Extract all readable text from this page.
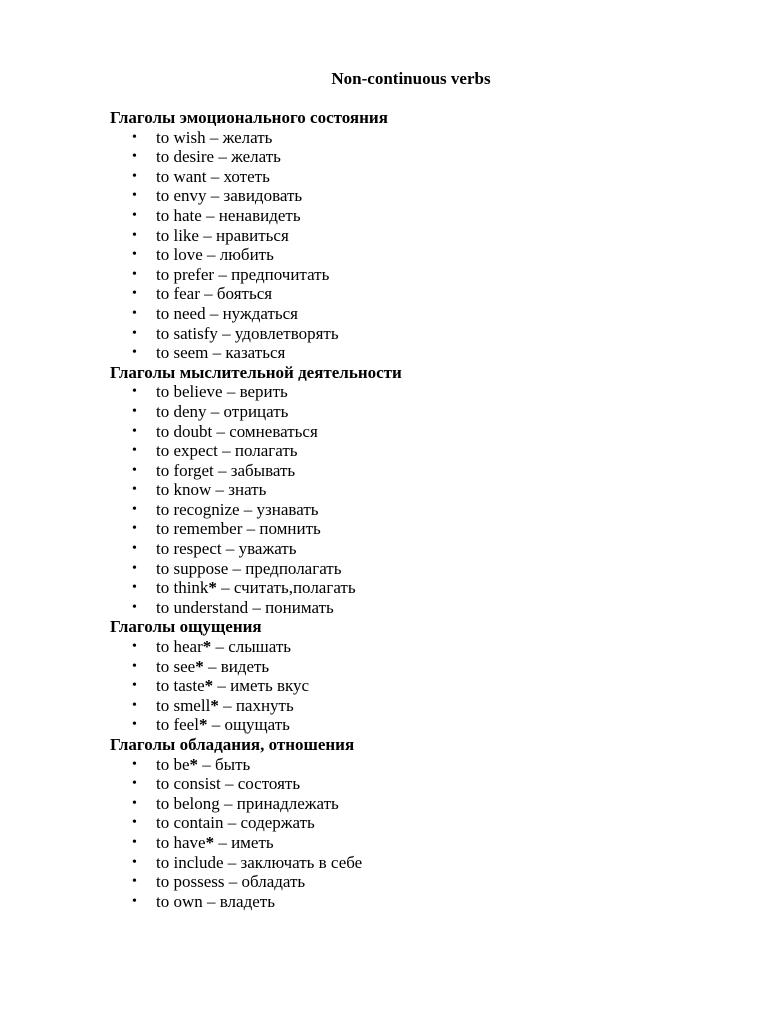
Non-continuous verbs
Глаголы эмоционального состояния
• to wish – желать
• to desire – желать
• to want – хотеть
• to envy – завидовать
• to hate – ненавидеть
• to like – нравиться
• to love – любить
• to prefer – предпочитать
• to fear – бояться
• to need – нуждаться
• to satisfy – удовлетворять
• to seem – казаться
Глаголы мыслительной деятельности
• to believe – верить
• to deny – отрицать
• to doubt – сомневаться
• to expect – полагать
• to forget – забывать
• to know – знать
• to recognize – узнавать
• to remember – помнить
• to respect – уважать
• to suppose – предполагать
• to think* – считать,полагать
• to understand – понимать
Глаголы ощущения
• to hear* – слышать
• to see* – видеть
• to taste* – иметь вкус
• to smell* – пахнуть
• to feel* – ощущать
Глаголы обладания, отношения
• to be* – быть
• to consist – состоять
• to belong – принадлежать
• to contain – содержать
• to have* – иметь
• to include – заключать в себе
• to possess – обладать
• to own – владеть
